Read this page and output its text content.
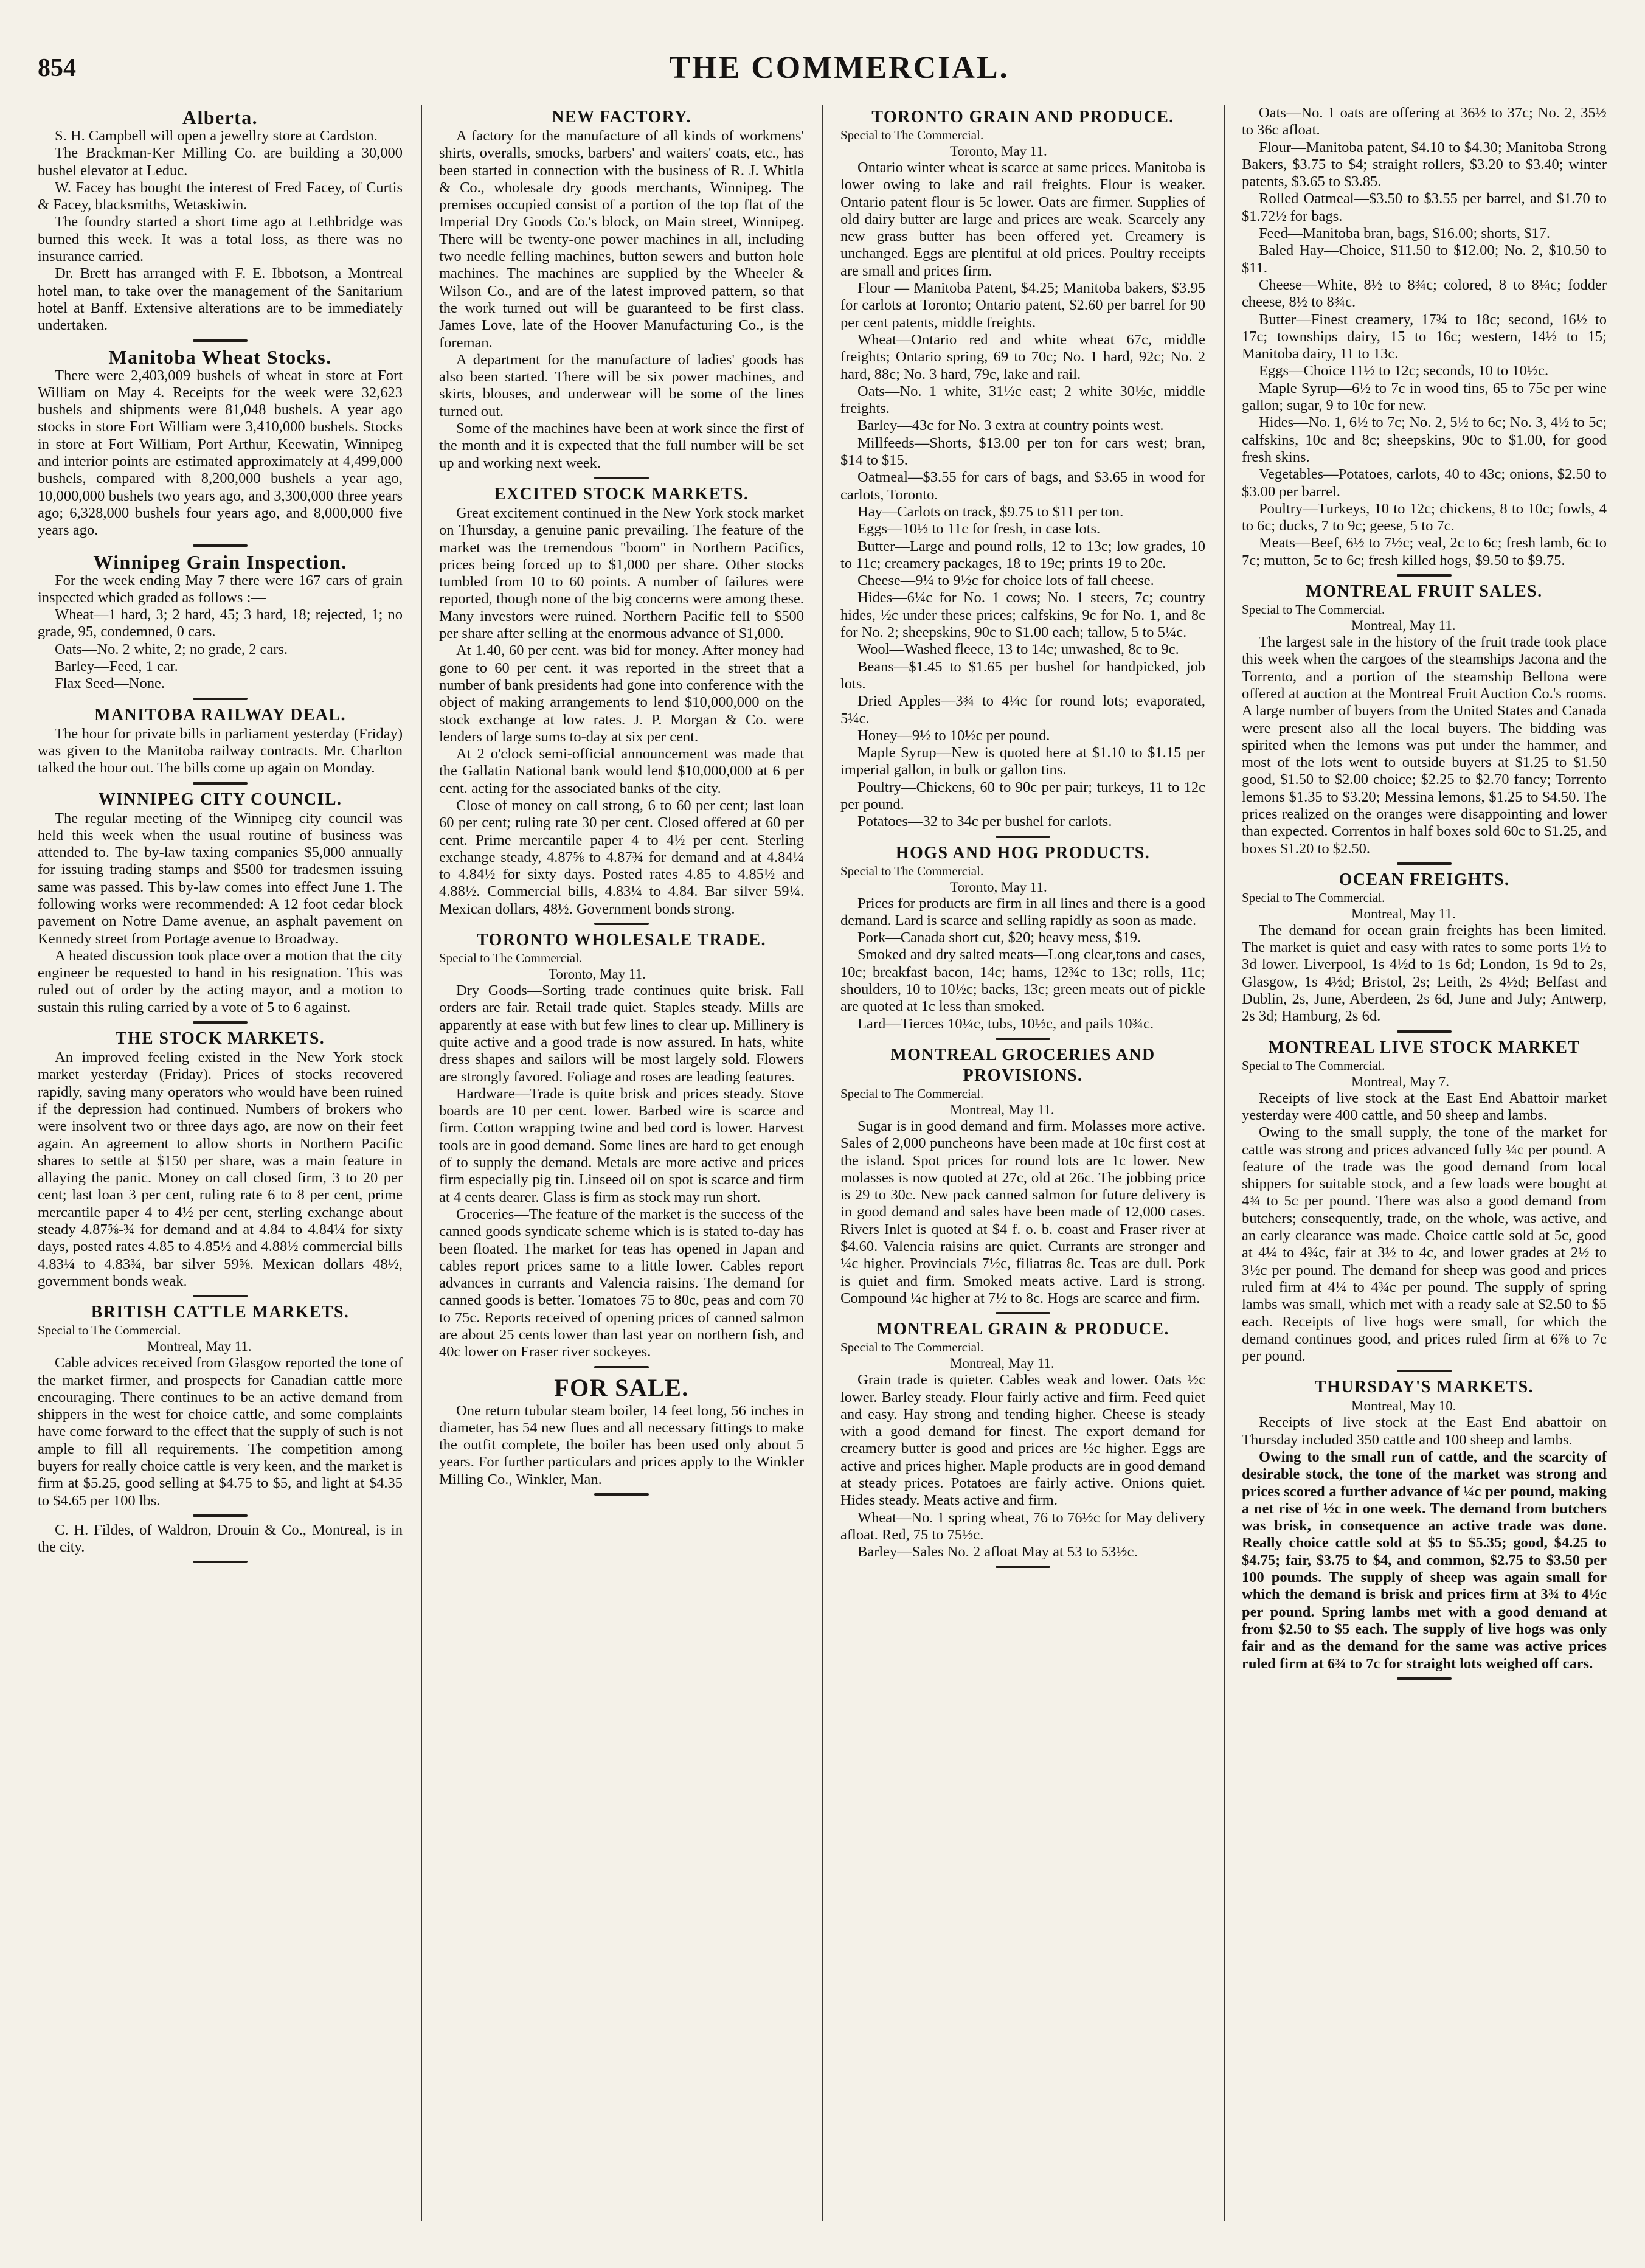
854	THE COMMERCIAL.
Alberta.

S. H. Campbell will open a jewellry store at Cardston.

The Brackman-Ker Milling Co. are building a 30,000 bushel elevator at Leduc.

W. Facey has bought the interest of Fred Facey, of Curtis & Facey, blacksmiths, Wetaskiwin.

The foundry started a short time ago at Lethbridge was burned this week. It was a total loss, as there was no insurance carried.

Dr. Brett has arranged with F. E. Ibbotson, a Montreal hotel man, to take over the management of the Sanitarium hotel at Banff. Extensive alterations are to be immediately undertaken.

Manitoba Wheat Stocks.

There were 2,403,009 bushels of wheat in store at Fort William on May 4. Receipts for the week were 32,623 bushels and shipments were 81,048 bushels. A year ago stocks in store Fort William were 3,410,000 bushels. Stocks in store at Fort William, Port Arthur, Keewatin, Winnipeg and interior points are estimated approximately at 4,499,000 bushels, compared with 8,200,000 bushels a year ago, 10,000,000 bushels two years ago, and 3,300,000 three years ago; 6,328,000 bushels four years ago, and 8,000,000 five years ago.

Winnipeg Grain Inspection.

For the week ending May 7 there were 167 cars of grain inspected which graded as follows :—

Wheat—1 hard, 3; 2 hard, 45; 3 hard, 18; rejected, 1; no grade, 95, condemned, 0 cars.

Oats—No. 2 white, 2; no grade, 2 cars.

Barley—Feed, 1 car.

Flax Seed—None.

MANITOBA RAILWAY DEAL.

The hour for private bills in parliament yesterday (Friday) was given to the Manitoba railway contracts. Mr. Charlton talked the hour out. The bills come up again on Monday.

WINNIPEG CITY COUNCIL.

The regular meeting of the Winnipeg city council was held this week when the usual routine of business was attended to. The by-law taxing companies $5,000 annually for issuing trading stamps and $500 for tradesmen issuing same was passed. This by-law comes into effect June 1. The following works were recommended: A 12 foot cedar block pavement on Notre Dame avenue, an asphalt pavement on Kennedy street from Portage avenue to Broadway.

A heated discussion took place over a motion that the city engineer be requested to hand in his resignation. This was ruled out of order by the acting mayor, and a motion to sustain this ruling carried by a vote of 5 to 6 against.

THE STOCK MARKETS.

An improved feeling existed in the New York stock market yesterday (Friday). Prices of stocks recovered rapidly, saving many operators who would have been ruined if the depression had continued. Numbers of brokers who were insolvent two or three days ago, are now on their feet again. An agreement to allow shorts in Northern Pacific shares to settle at $150 per share, was a main feature in allaying the panic. Money on call closed firm, 3 to 20 per cent; last loan 3 per cent, ruling rate 6 to 8 per cent, prime mercantile paper 4 to 4½ per cent, sterling exchange about steady 4.87⅝-¾ for demand and at 4.84 to 4.84¼ for sixty days, posted rates 4.85 to 4.85½ and 4.88½ commercial bills 4.83¼ to 4.83¾, bar silver 59⅝. Mexican dollars 48½, government bonds weak.

BRITISH CATTLE MARKETS.
Special to The Commercial.
Montreal, May 11.

Cable advices received from Glasgow reported the tone of the market firmer, and prospects for Canadian cattle more encouraging. There continues to be an active demand from shippers in the west for choice cattle, and some complaints have come forward to the effect that the supply of such is not ample to fill all requirements. The competition among buyers for really choice cattle is very keen, and the market is firm at $5.25, good selling at $4.75 to $5, and light at $4.35 to $4.65 per 100 lbs.

C. H. Fildes, of Waldron, Drouin & Co., Montreal, is in the city.

NEW FACTORY.

A factory for the manufacture of all kinds of workmens' shirts, overalls, smocks, barbers' and waiters' coats, etc., has been started in connection with the business of R. J. Whitla & Co., wholesale dry goods merchants, Winnipeg. The premises occupied consist of a portion of the top flat of the Imperial Dry Goods Co.'s block, on Main street, Winnipeg. There will be twenty-one power machines in all, including two needle felling machines, button sewers and button hole machines. The machines are supplied by the Wheeler & Wilson Co., and are of the latest improved pattern, so that the work turned out will be guaranteed to be first class. James Love, late of the Hoover Manufacturing Co., is the foreman.

A department for the manufacture of ladies' goods has also been started. There will be six power machines, and skirts, blouses, and underwear will be some of the lines turned out.

Some of the machines have been at work since the first of the month and it is expected that the full number will be set up and working next week.

EXCITED STOCK MARKETS.

Great excitement continued in the New York stock market on Thursday, a genuine panic prevailing. The feature of the market was the tremendous "boom" in Northern Pacifics, prices being forced up to $1,000 per share. Other stocks tumbled from 10 to 60 points. A number of failures were reported, though none of the big concerns were among these. Many investors were ruined. Northern Pacific fell to $500 per share after selling at the enormous advance of $1,000.

At 1.40, 60 per cent. was bid for money. After money had gone to 60 per cent. it was reported in the street that a number of bank presidents had gone into conference with the object of making arrangements to lend $10,000,000 on the stock exchange at low rates. J. P. Morgan & Co. were lenders of large sums to-day at six per cent.

At 2 o'clock semi-official announcement was made that the Gallatin National bank would lend $10,000,000 at 6 per cent. acting for the associated banks of the city.

Close of money on call strong, 6 to 60 per cent; last loan 60 per cent; ruling rate 30 per cent. Closed offered at 60 per cent. Prime mercantile paper 4 to 4½ per cent. Sterling exchange steady, 4.87⅝ to 4.87¾ for demand and at 4.84¼ to 4.84½ for sixty days. Posted rates 4.85 to 4.85½ and 4.88½. Commercial bills, 4.83¼ to 4.84. Bar silver 59¼. Mexican dollars, 48½. Government bonds strong.

TORONTO WHOLESALE TRADE.
Special to The Commercial.
Toronto, May 11.

Dry Goods—Sorting trade continues quite brisk. Fall orders are fair. Retail trade quiet. Staples steady. Mills are apparently at ease with but few lines to clear up. Millinery is quite active and a good trade is now assured. In hats, white dress shapes and sailors will be most largely sold. Flowers are strongly favored. Foliage and roses are leading features.

Hardware—Trade is quite brisk and prices steady. Stove boards are 10 per cent. lower. Barbed wire is scarce and firm. Cotton wrapping twine and bed cord is lower. Harvest tools are in good demand. Some lines are hard to get enough of to supply the demand. Metals are more active and prices firm especially pig tin. Linseed oil on spot is scarce and firm at 4 cents dearer. Glass is firm as stock may run short.

Groceries—The feature of the market is the success of the canned goods syndicate scheme which is is stated to-day has been floated. The market for teas has opened in Japan and cables report prices same to a little lower. Cables report advances in currants and Valencia raisins. The demand for canned goods is better. Tomatoes 75 to 80c, peas and corn 70 to 75c. Reports received of opening prices of canned salmon are about 25 cents lower than last year on northern fish, and 40c lower on Fraser river sockeyes.

FOR SALE.

One return tubular steam boiler, 14 feet long, 56 inches in diameter, has 54 new flues and all necessary fittings to make the outfit complete, the boiler has been used only about 5 years. For further particulars and prices apply to the Winkler Milling Co., Winkler, Man.

TORONTO GRAIN AND PRODUCE.
Special to The Commercial.
Toronto, May 11.

Ontario winter wheat is scarce at same prices. Manitoba is lower owing to lake and rail freights. Flour is weaker. Ontario patent flour is 5c lower. Oats are firmer. Supplies of old dairy butter are large and prices are weak. Scarcely any new grass butter has been offered yet. Creamery is unchanged. Eggs are plentiful at old prices. Poultry receipts are small and prices firm.

Flour — Manitoba Patent, $4.25; Manitoba bakers, $3.95 for carlots at Toronto; Ontario patent, $2.60 per barrel for 90 per cent patents, middle freights.

Wheat—Ontario red and white wheat 67c, middle freights; Ontario spring, 69 to 70c; No. 1 hard, 92c; No. 2 hard, 88c; No. 3 hard, 79c, lake and rail.

Oats—No. 1 white, 31½c east; 2 white 30½c, middle freights.

Barley—43c for No. 3 extra at country points west.

Millfeeds—Shorts, $13.00 per ton for cars west; bran, $14 to $15.

Oatmeal—$3.55 for cars of bags, and $3.65 in wood for carlots, Toronto.

Hay—Carlots on track, $9.75 to $11 per ton.

Eggs—10½ to 11c for fresh, in case lots.

Butter—Large and pound rolls, 12 to 13c; low grades, 10 to 11c; creamery packages, 18 to 19c; prints 19 to 20c.

Cheese—9¼ to 9½c for choice lots of fall cheese.

Hides—6¼c for No. 1 cows; No. 1 steers, 7c; country hides, ½c under these prices; calfskins, 9c for No. 1, and 8c for No. 2; sheepskins, 90c to $1.00 each; tallow, 5 to 5¼c.

Wool—Washed fleece, 13 to 14c; unwashed, 8c to 9c.

Beans—$1.45 to $1.65 per bushel for handpicked, job lots.

Dried Apples—3¾ to 4¼c for round lots; evaporated, 5¼c.

Honey—9½ to 10½c per pound.

Maple Syrup—New is quoted here at $1.10 to $1.15 per imperial gallon, in bulk or gallon tins.

Poultry—Chickens, 60 to 90c per pair; turkeys, 11 to 12c per pound.

Potatoes—32 to 34c per bushel for carlots.

HOGS AND HOG PRODUCTS.
Special to The Commercial.
Toronto, May 11.

Prices for products are firm in all lines and there is a good demand. Lard is scarce and selling rapidly as soon as made.

Pork—Canada short cut, $20; heavy mess, $19.

Smoked and dry salted meats—Long clear,tons and cases, 10c; breakfast bacon, 14c; hams, 12¾c to 13c; rolls, 11c; shoulders, 10 to 10½c; backs, 13c; green meats out of pickle are quoted at 1c less than smoked.

Lard—Tierces 10¼c, tubs, 10½c, and pails 10¾c.

MONTREAL GROCERIES AND PROVISIONS.
Special to The Commercial.
Montreal, May 11.

Sugar is in good demand and firm. Molasses more active. Sales of 2,000 puncheons have been made at 10c first cost at the island. Spot prices for round lots are 1c lower. New molasses is now quoted at 27c, old at 26c. The jobbing price is 29 to 30c. New pack canned salmon for future delivery is in good demand and sales have been made of 12,000 cases. Rivers Inlet is quoted at $4 f. o. b. coast and Fraser river at $4.60. Valencia raisins are quiet. Currants are stronger and ¼c higher. Provincials 7½c, filiatras 8c. Teas are dull. Pork is quiet and firm. Smoked meats active. Lard is strong. Compound ¼c higher at 7½ to 8c. Hogs are scarce and firm.

MONTREAL GRAIN & PRODUCE.
Special to The Commercial.
Montreal, May 11.

Grain trade is quieter. Cables weak and lower. Oats ½c lower. Barley steady. Flour fairly active and firm. Feed quiet and easy. Hay strong and tending higher. Cheese is steady with a good demand for finest. The export demand for creamery butter is good and prices are ½c higher. Eggs are active and prices higher. Maple products are in good demand at steady prices. Potatoes are fairly active. Onions quiet. Hides steady. Meats active and firm.

Wheat—No. 1 spring wheat, 76 to 76½c for May delivery afloat. Red, 75 to 75½c.

Barley—Sales No. 2 afloat May at 53 to 53½c.

Oats—No. 1 oats are offering at 36½ to 37c; No. 2, 35½ to 36c afloat.

Flour—Manitoba patent, $4.10 to $4.30; Manitoba Strong Bakers, $3.75 to $4; straight rollers, $3.20 to $3.40; winter patents, $3.65 to $3.85.

Rolled Oatmeal—$3.50 to $3.55 per barrel, and $1.70 to $1.72½ for bags.

Feed—Manitoba bran, bags, $16.00; shorts, $17.

Baled Hay—Choice, $11.50 to $12.00; No. 2, $10.50 to $11.

Cheese—White, 8½ to 8¾c; colored, 8 to 8¼c; fodder cheese, 8½ to 8¾c.

Butter—Finest creamery, 17¾ to 18c; second, 16½ to 17c; townships dairy, 15 to 16c; western, 14½ to 15; Manitoba dairy, 11 to 13c.

Eggs—Choice 11½ to 12c; seconds, 10 to 10½c.

Maple Syrup—6½ to 7c in wood tins, 65 to 75c per wine gallon; sugar, 9 to 10c for new.

Hides—No. 1, 6½ to 7c; No. 2, 5½ to 6c; No. 3, 4½ to 5c; calfskins, 10c and 8c; sheepskins, 90c to $1.00, for good fresh skins.

Vegetables—Potatoes, carlots, 40 to 43c; onions, $2.50 to $3.00 per barrel.

Poultry—Turkeys, 10 to 12c; chickens, 8 to 10c; fowls, 4 to 6c; ducks, 7 to 9c; geese, 5 to 7c.

Meats—Beef, 6½ to 7½c; veal, 2c to 6c; fresh lamb, 6c to 7c; mutton, 5c to 6c; fresh killed hogs, $9.50 to $9.75.

MONTREAL FRUIT SALES.
Special to The Commercial.
Montreal, May 11.

The largest sale in the history of the fruit trade took place this week when the cargoes of the steamships Jacona and the Torrento, and a portion of the steamship Bellona were offered at auction at the Montreal Fruit Auction Co.'s rooms. A large number of buyers from the United States and Canada were present also all the local buyers. The bidding was spirited when the lemons was put under the hammer, and most of the lots went to outside buyers at $1.25 to $1.50 good, $1.50 to $2.00 choice; $2.25 to $2.70 fancy; Torrento lemons $1.35 to $3.20; Messina lemons, $1.25 to $4.50. The prices realized on the oranges were disappointing and lower than expected. Correntos in half boxes sold 60c to $1.25, and boxes $1.20 to $2.50.

OCEAN FREIGHTS.
Special to The Commercial.
Montreal, May 11.

The demand for ocean grain freights has been limited. The market is quiet and easy with rates to some ports 1½ to 3d lower. Liverpool, 1s 4½d to 1s 6d; London, 1s 9d to 2s, Glasgow, 1s 4½d; Bristol, 2s; Leith, 2s 4½d; Belfast and Dublin, 2s, June, Aberdeen, 2s 6d, June and July; Antwerp, 2s 3d; Hamburg, 2s 6d.

MONTREAL LIVE STOCK MARKET
Special to The Commercial.
Montreal, May 7.

Receipts of live stock at the East End Abattoir market yesterday were 400 cattle, and 50 sheep and lambs.

Owing to the small supply, the tone of the market for cattle was strong and prices advanced fully ¼c per pound. A feature of the trade was the good demand from local shippers for suitable stock, and a few loads were bought at 4¾ to 5c per pound. There was also a good demand from butchers; consequently, trade, on the whole, was active, and an early clearance was made. Choice cattle sold at 5c, good at 4¼ to 4¾c, fair at 3½ to 4c, and lower grades at 2½ to 3½c per pound. The demand for sheep was good and prices ruled firm at 4¼ to 4¾c per pound. The supply of spring lambs was small, which met with a ready sale at $2.50 to $5 each. Receipts of live hogs were small, for which the demand continues good, and prices ruled firm at 6⅞ to 7c per pound.

THURSDAY'S MARKETS.
Montreal, May 10.

Receipts of live stock at the East End abattoir on Thursday included 350 cattle and 100 sheep and lambs.

Owing to the small run of cattle, and the scarcity of desirable stock, the tone of the market was strong and prices scored a further advance of ¼c per pound, making a net rise of ½c in one week. The demand from butchers was brisk, in consequence an active trade was done. Really choice cattle sold at $5 to $5.35; good, $4.25 to $4.75; fair, $3.75 to $4, and common, $2.75 to $3.50 per 100 pounds. The supply of sheep was again small for which the demand is brisk and prices firm at 3¾ to 4½c per pound. Spring lambs met with a good demand at from $2.50 to $5 each. The supply of live hogs was only fair and as the demand for the same was active prices ruled firm at 6¾ to 7c for straight lots weighed off cars.
